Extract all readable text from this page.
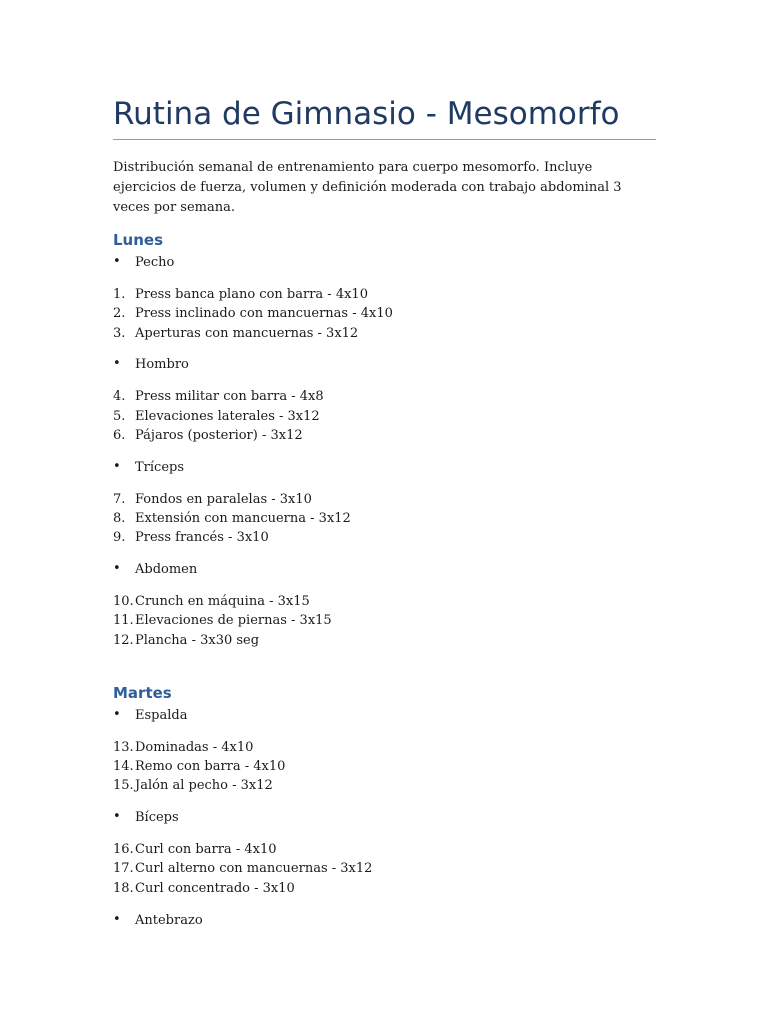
Rutina de Gimnasio - Mesomorfo

Distribución semanal de entrenamiento para cuerpo mesomorfo. Incluye ejercicios de fuerza, volumen y definición moderada con trabajo abdominal 3 veces por semana.

Lunes
• Pecho
1. Press banca plano con barra - 4x10
2. Press inclinado con mancuernas - 4x10
3. Aperturas con mancuernas - 3x12
• Hombro
4. Press militar con barra - 4x8
5. Elevaciones laterales - 3x12
6. Pájaros (posterior) - 3x12
• Tríceps
7. Fondos en paralelas - 3x10
8. Extensión con mancuerna - 3x12
9. Press francés - 3x10
• Abdomen
10. Crunch en máquina - 3x15
11. Elevaciones de piernas - 3x15
12. Plancha - 3x30 seg
Martes
• Espalda
13. Dominadas - 4x10
14. Remo con barra - 4x10
15. Jalón al pecho - 3x12
• Bíceps
16. Curl con barra - 4x10
17. Curl alterno con mancuernas - 3x12
18. Curl concentrado - 3x10
• Antebrazo
